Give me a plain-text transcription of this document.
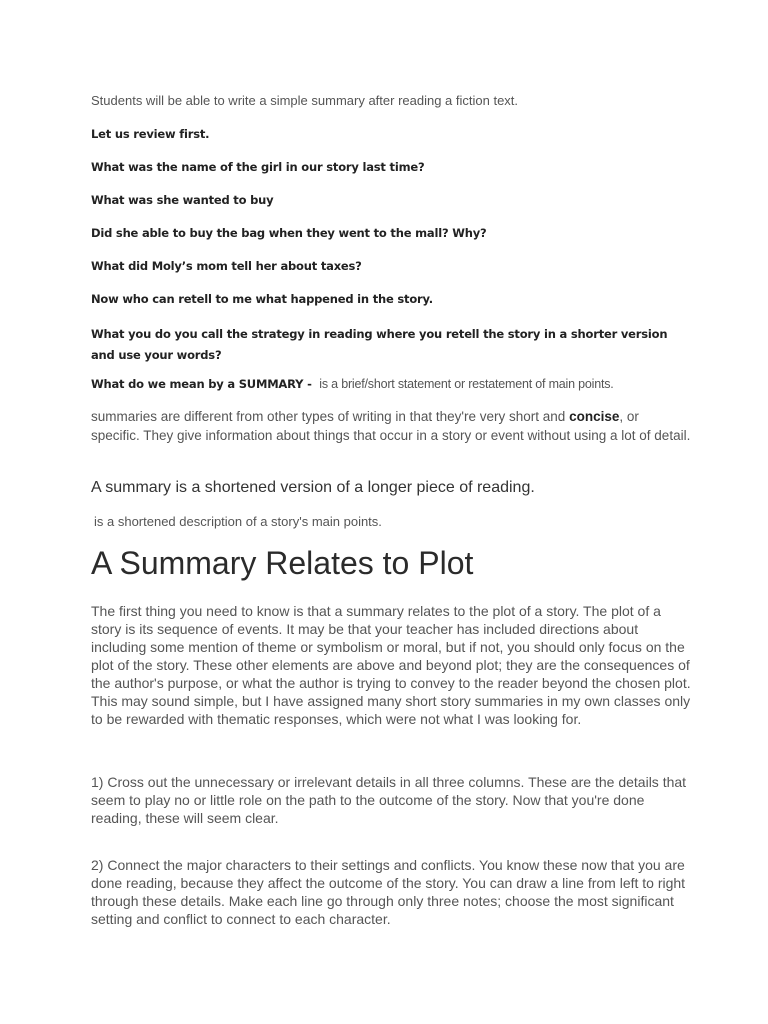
Students will be able to write a simple summary after reading a fiction text.

Let us review first.

What was the name of the girl in our story last time?

What was she wanted to buy

Did she able to buy the bag when they went to the mall? Why?

What did Moly’s mom tell her about taxes?

Now who can retell to me what happened in the story.

What you do you call the strategy in reading where you retell the story in a shorter version and use your words?

What do we mean by a SUMMARY - is a brief/short statement or restatement of main points.

summaries are different from other types of writing in that they're very short and concise, or specific. They give information about things that occur in a story or event without using a lot of detail.

A summary is a shortened version of a longer piece of reading.

is a shortened description of a story's main points.

A Summary Relates to Plot

The first thing you need to know is that a summary relates to the plot of a story. The plot of a story is its sequence of events. It may be that your teacher has included directions about including some mention of theme or symbolism or moral, but if not, you should only focus on the plot of the story. These other elements are above and beyond plot; they are the consequences of the author's purpose, or what the author is trying to convey to the reader beyond the chosen plot. This may sound simple, but I have assigned many short story summaries in my own classes only to be rewarded with thematic responses, which were not what I was looking for.

1) Cross out the unnecessary or irrelevant details in all three columns. These are the details that seem to play no or little role on the path to the outcome of the story. Now that you're done reading, these will seem clear.

2) Connect the major characters to their settings and conflicts. You know these now that you are done reading, because they affect the outcome of the story. You can draw a line from left to right through these details. Make each line go through only three notes; choose the most significant setting and conflict to connect to each character.
